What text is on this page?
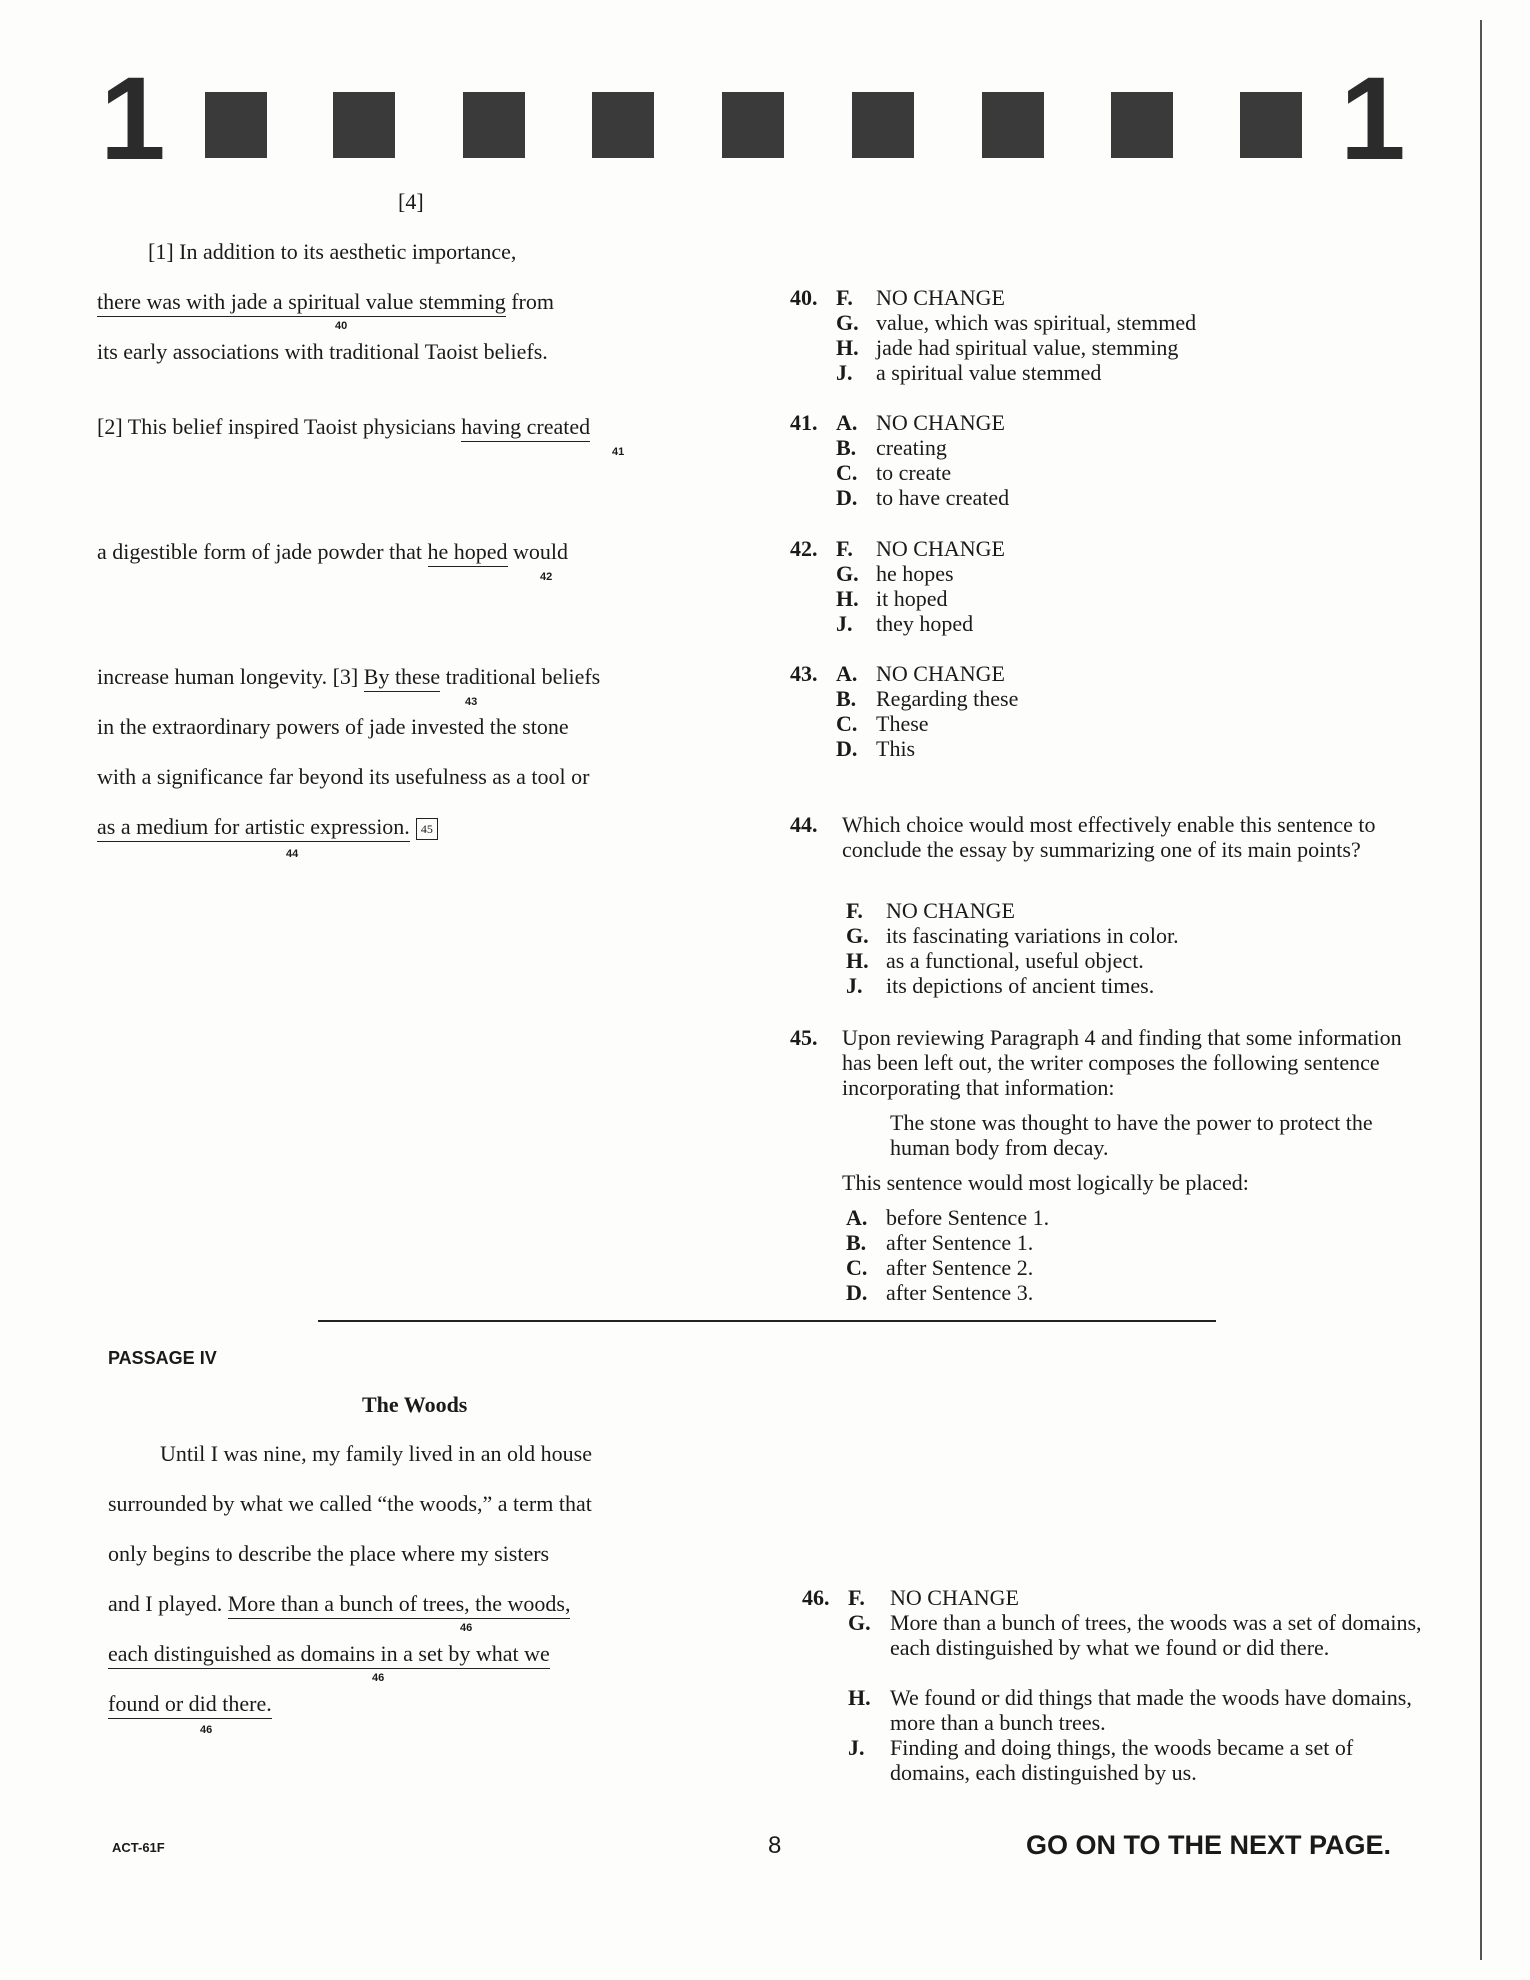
1	1
[4]
[1] In addition to its aesthetic importance,
there was with jade a spiritual value stemming from
40
its early associations with traditional Taoist beliefs.
[2] This belief inspired Taoist physicians having created
41
a digestible form of jade powder that he hoped would
42
increase human longevity. [3] By these traditional beliefs
43
in the extraordinary powers of jade invested the stone
with a significance far beyond its usefulness as a tool or
as a medium for artistic expression. 45
44
40. F. NO CHANGE
G. value, which was spiritual, stemmed
H. jade had spiritual value, stemming
J. a spiritual value stemmed
41. A. NO CHANGE
B. creating
C. to create
D. to have created
42. F. NO CHANGE
G. he hopes
H. it hoped
J. they hoped
43. A. NO CHANGE
B. Regarding these
C. These
D. This
44. Which choice would most effectively enable this sentence to conclude the essay by summarizing one of its main points?
F. NO CHANGE
G. its fascinating variations in color.
H. as a functional, useful object.
J. its depictions of ancient times.
45. Upon reviewing Paragraph 4 and finding that some information has been left out, the writer composes the following sentence incorporating that information:
The stone was thought to have the power to protect the human body from decay.
This sentence would most logically be placed:
A. before Sentence 1.
B. after Sentence 1.
C. after Sentence 2.
D. after Sentence 3.
PASSAGE IV
The Woods
Until I was nine, my family lived in an old house
surrounded by what we called “the woods,” a term that
only begins to describe the place where my sisters
and I played. More than a bunch of trees, the woods,
46
each distinguished as domains in a set by what we
46
found or did there.
46
46. F. NO CHANGE
G. More than a bunch of trees, the woods was a set of domains, each distinguished by what we found or did there.
H. We found or did things that made the woods have domains, more than a bunch trees.
J. Finding and doing things, the woods became a set of domains, each distinguished by us.
ACT-61F	8	GO ON TO THE NEXT PAGE.
